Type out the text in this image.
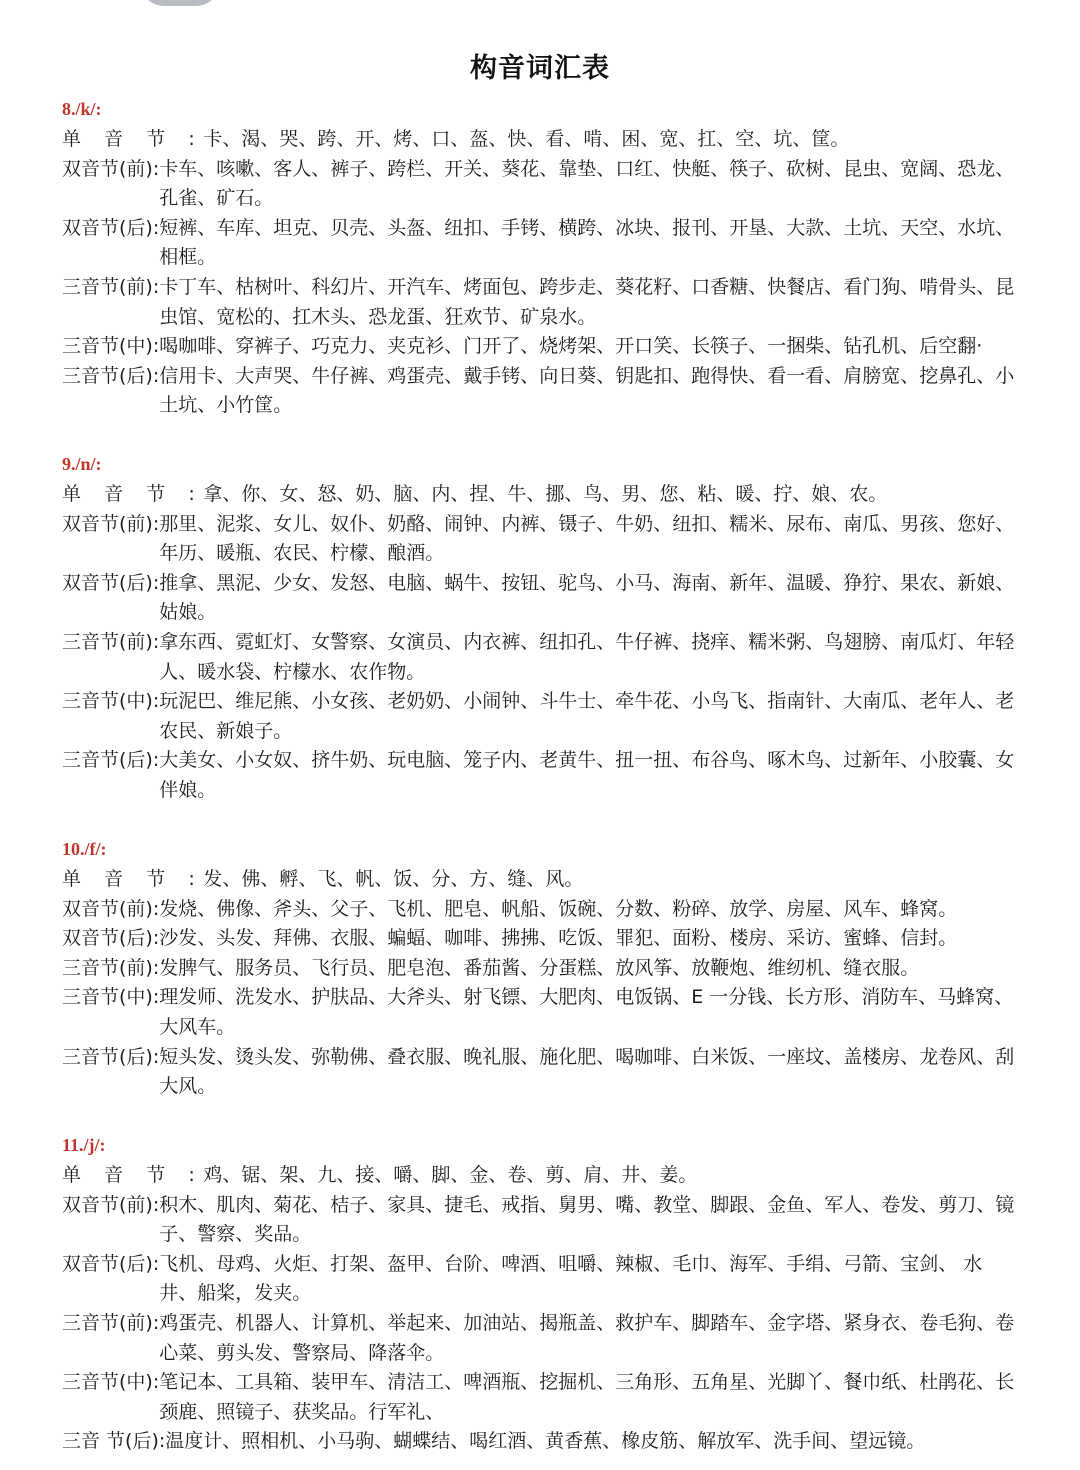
构音词汇表
8./k/:
单 音 节 : 卡、渴、哭、跨、开、烤、口、盔、快、看、啃、困、宽、扛、空、坑、筐。
双音节(前): 卡车、咳嗽、客人、裤子、跨栏、开关、葵花、靠垫、口红、快艇、筷子、砍树、昆虫、宽阔、恐龙、孔雀、矿石。
双音节(后): 短裤、车库、坦克、贝壳、头盔、纽扣、手铐、横跨、冰块、报刊、开垦、大款、土坑、天空、水坑、相框。
三音节(前): 卡丁车、枯树叶、科幻片、开汽车、烤面包、跨步走、葵花籽、口香糖、快餐店、看门狗、啃骨头、昆虫馆、宽松的、扛木头、恐龙蛋、狂欢节、矿泉水。
三音节(中): 喝咖啡、穿裤子、巧克力、夹克衫、门开了、烧烤架、开口笑、长筷子、一捆柴、钻孔机、后空翻·
三音节(后): 信用卡、大声哭、牛仔裤、鸡蛋壳、戴手铐、向日葵、钥匙扣、跑得快、看一看、肩膀宽、挖鼻孔、小土坑、小竹筐。
9./n/:
单 音 节 : 拿、你、女、怒、奶、脑、内、捏、牛、挪、鸟、男、您、粘、暖、拧、娘、农。
双音节(前): 那里、泥浆、女儿、奴仆、奶酪、闹钟、内裤、镊子、牛奶、纽扣、糯米、尿布、南瓜、男孩、您好、年历、暖瓶、农民、柠檬、酿酒。
双音节(后): 推拿、黑泥、少女、发怒、电脑、蜗牛、按钮、驼鸟、小马、海南、新年、温暖、狰狞、果农、新娘、姑娘。
三音节(前): 拿东西、霓虹灯、女警察、女演员、内衣裤、纽扣孔、牛仔裤、挠痒、糯米粥、鸟翅膀、南瓜灯、年轻人、暖水袋、柠檬水、农作物。
三音节(中): 玩泥巴、维尼熊、小女孩、老奶奶、小闹钟、斗牛士、牵牛花、小鸟飞、指南针、大南瓜、老年人、老农民、新娘子。
三音节(后): 大美女、小女奴、挤牛奶、玩电脑、笼子内、老黄牛、扭一扭、布谷鸟、啄木鸟、过新年、小胶囊、女伴娘。
10./f/:
单 音 节 : 发、佛、孵、飞、帆、饭、分、方、缝、风。
双音节(前): 发烧、佛像、斧头、父子、飞机、肥皂、帆船、饭碗、分数、粉碎、放学、房屋、风车、蜂窝。
双音节(后): 沙发、头发、拜佛、衣服、蝙蝠、咖啡、拂拂、吃饭、罪犯、面粉、楼房、采访、蜜蜂、信封。
三音节(前): 发脾气、服务员、飞行员、肥皂泡、番茄酱、分蛋糕、放风筝、放鞭炮、维纫机、缝衣服。
三音节(中): 理发师、洗发水、护肤品、大斧头、射飞镖、大肥肉、电饭锅、E 一分钱、长方形、消防车、马蜂窝、大风车。
三音节(后): 短头发、烫头发、弥勒佛、叠衣服、晚礼服、施化肥、喝咖啡、白米饭、一座坟、盖楼房、龙卷风、刮大风。
11./j/:
单 音 节 : 鸡、锯、架、九、接、嚼、脚、金、卷、剪、肩、井、姜。
双音节(前): 积木、肌肉、菊花、桔子、家具、捷毛、戒指、舅男、嘴、教堂、脚跟、金鱼、军人、卷发、剪刀、镜子、警察、奖品。
双音节(后): 飞机、母鸡、火炬、打架、盔甲、台阶、啤酒、咀嚼、辣椒、毛巾、海军、手绢、弓箭、宝剑、 水井、船桨，发夹。
三音节(前): 鸡蛋壳、机器人、计算机、举起来、加油站、揭瓶盖、救护车、脚踏车、金字塔、紧身衣、卷毛狗、卷心菜、剪头发、警察局、降落伞。
三音节(中): 笔记本、工具箱、装甲车、清洁工、啤酒瓶、挖掘机、三角形、五角星、光脚丫、餐巾纸、杜鹃花、长颈鹿、照镜子、获奖品。行军礼、
三音 节(后): 温度计、照相机、小马驹、蝴蝶结、喝红酒、黄香蕉、橡皮筋、解放军、洗手间、望远镜。
